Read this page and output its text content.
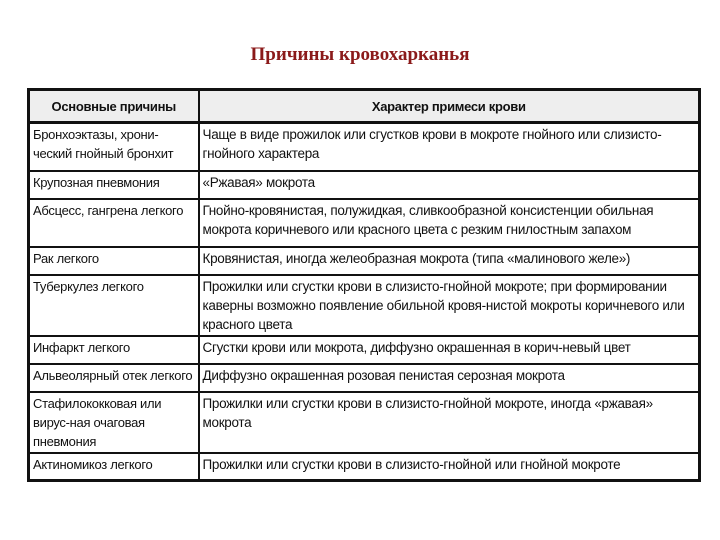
Причины кровохарканья
Основные причины	Характер примеси крови
Бронхоэктазы, хрони-ческий гнойный бронхит	Чаще в виде прожилок или сгустков крови в мокроте гнойного или слизисто-гнойного характера
Крупозная пневмония	«Ржавая» мокрота
Абсцесс, гангрена легкого	Гнойно-кровянистая, полужидкая, сливкообразной консистенции обильная мокрота коричневого или красного цвета с резким гнилостным запахом
Рак легкого	Кровянистая, иногда желеобразная мокрота (типа «малинового желе»)
Туберкулез легкого	Прожилки или сгустки крови в слизисто-гнойной мокроте; при формировании каверны возможно появление обильной кровя-нистой мокроты коричневого или красного цвета
Инфаркт легкого	Сгустки крови или мокрота, диффузно окрашенная в корич-невый цвет
Альвеолярный отек легкого	Диффузно окрашенная розовая пенистая серозная мокрота
Стафилококковая или вирус-ная очаговая пневмония	Прожилки или сгустки крови в слизисто-гнойной мокроте, иногда «ржавая» мокрота
Актиномикоз легкого	Прожилки или сгустки крови в слизисто-гнойной или гнойной мокроте
